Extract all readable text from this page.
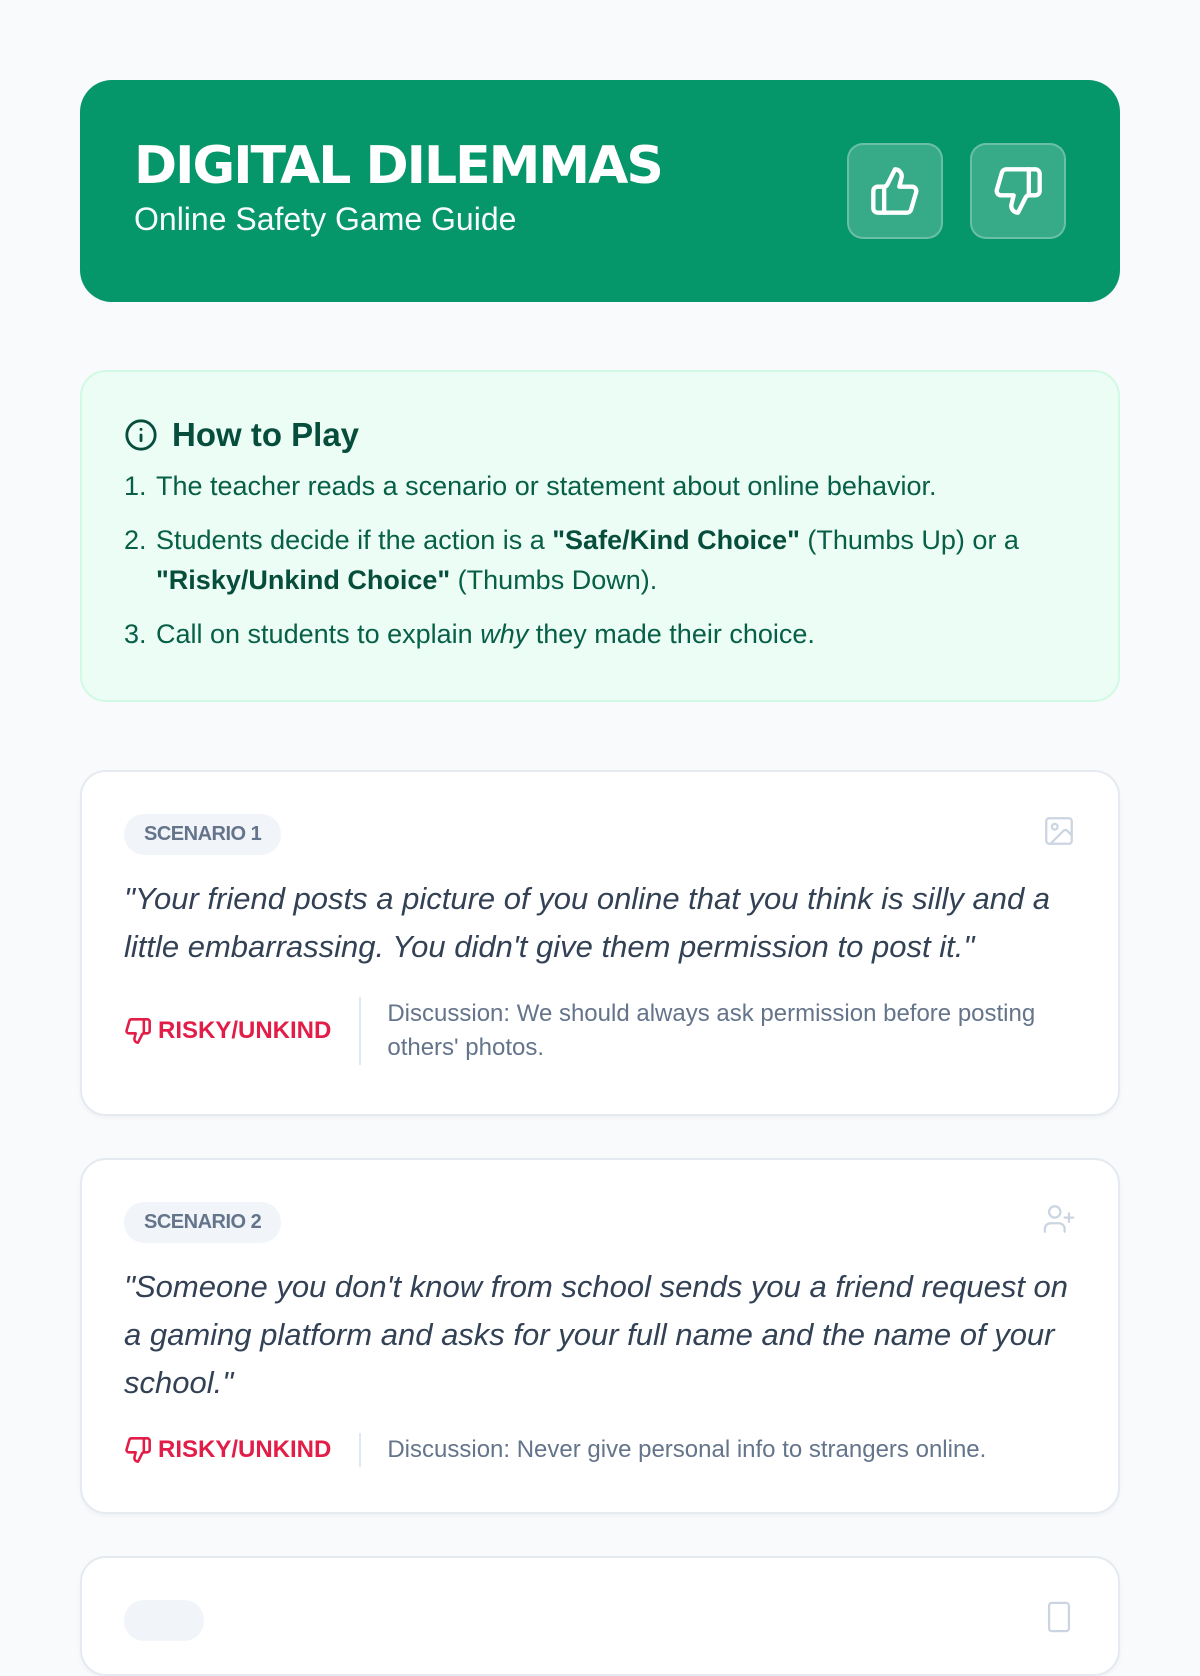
DIGITAL DILEMMAS
Online Safety Game Guide
How to Play
1. The teacher reads a scenario or statement about online behavior.
2. Students decide if the action is a "Safe/Kind Choice" (Thumbs Up) or a "Risky/Unkind Choice" (Thumbs Down).
3. Call on students to explain why they made their choice.
SCENARIO 1
"Your friend posts a picture of you online that you think is silly and a little embarrassing. You didn't give them permission to post it."
RISKY/UNKIND
Discussion: We should always ask permission before posting others' photos.
SCENARIO 2
"Someone you don't know from school sends you a friend request on a gaming platform and asks for your full name and the name of your school."
RISKY/UNKIND	Discussion: Never give personal info to strangers online.
